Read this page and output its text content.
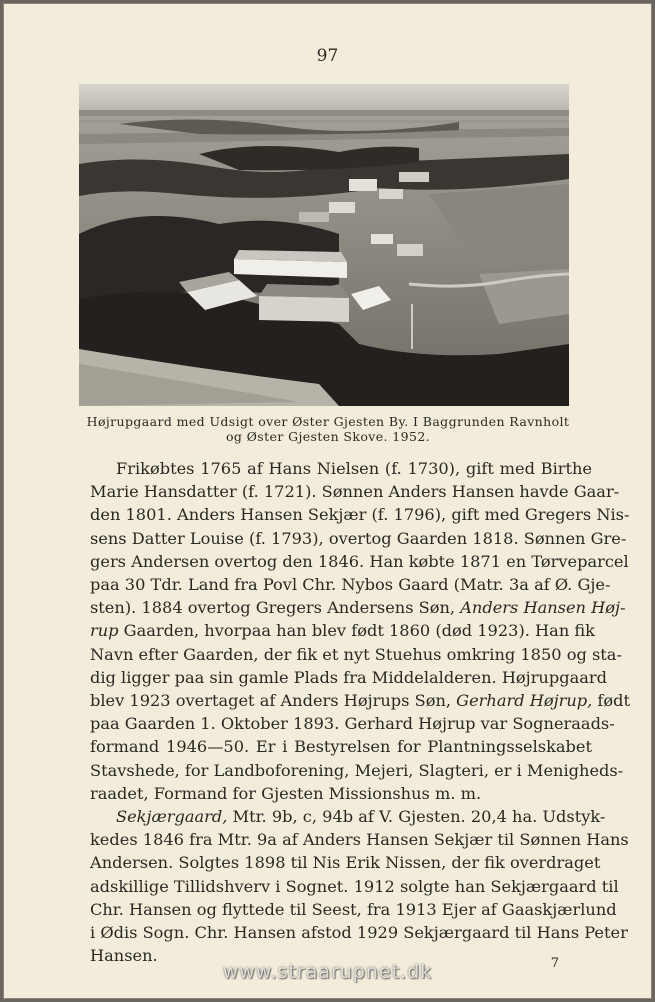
97
Højrupgaard med Udsigt over Øster Gjesten By. I Baggrunden Ravnholt
og Øster Gjesten Skove. 1952.
Frikøbtes 1765 af Hans Nielsen (f. 1730), gift med Birthe
Marie Hansdatter (f. 1721). Sønnen Anders Hansen havde Gaar-
den 1801. Anders Hansen Sekjær (f. 1796), gift med Gregers Nis-
sens Datter Louise (f. 1793), overtog Gaarden 1818. Sønnen Gre-
gers Andersen overtog den 1846. Han købte 1871 en Tørveparcel
paa 30 Tdr. Land fra Povl Chr. Nybos Gaard (Matr. 3a af Ø. Gje-
sten). 1884 overtog Gregers Andersens Søn, Anders Hansen Høj-
rup Gaarden, hvorpaa han blev født 1860 (død 1923). Han fik
Navn efter Gaarden, der fik et nyt Stuehus omkring 1850 og sta-
dig ligger paa sin gamle Plads fra Middelalderen. Højrupgaard
blev 1923 overtaget af Anders Højrups Søn, Gerhard Højrup, født
paa Gaarden 1. Oktober 1893. Gerhard Højrup var Sogneraads-
formand 1946—50. Er i Bestyrelsen for Plantningsselskabet
Stavshede, for Landboforening, Mejeri, Slagteri, er i Menigheds-
raadet, Formand for Gjesten Missionshus m. m.
Sekjærgaard, Mtr. 9b, c, 94b af V. Gjesten. 20,4 ha. Udstyk-
kedes 1846 fra Mtr. 9a af Anders Hansen Sekjær til Sønnen Hans
Andersen. Solgtes 1898 til Nis Erik Nissen, der fik overdraget
adskillige Tillidshverv i Sognet. 1912 solgte han Sekjærgaard til
Chr. Hansen og flyttede til Seest, fra 1913 Ejer af Gaaskjærlund
i Ødis Sogn. Chr. Hansen afstod 1929 Sekjærgaard til Hans Peter
Hansen.	7
www.straarupnet.dk
